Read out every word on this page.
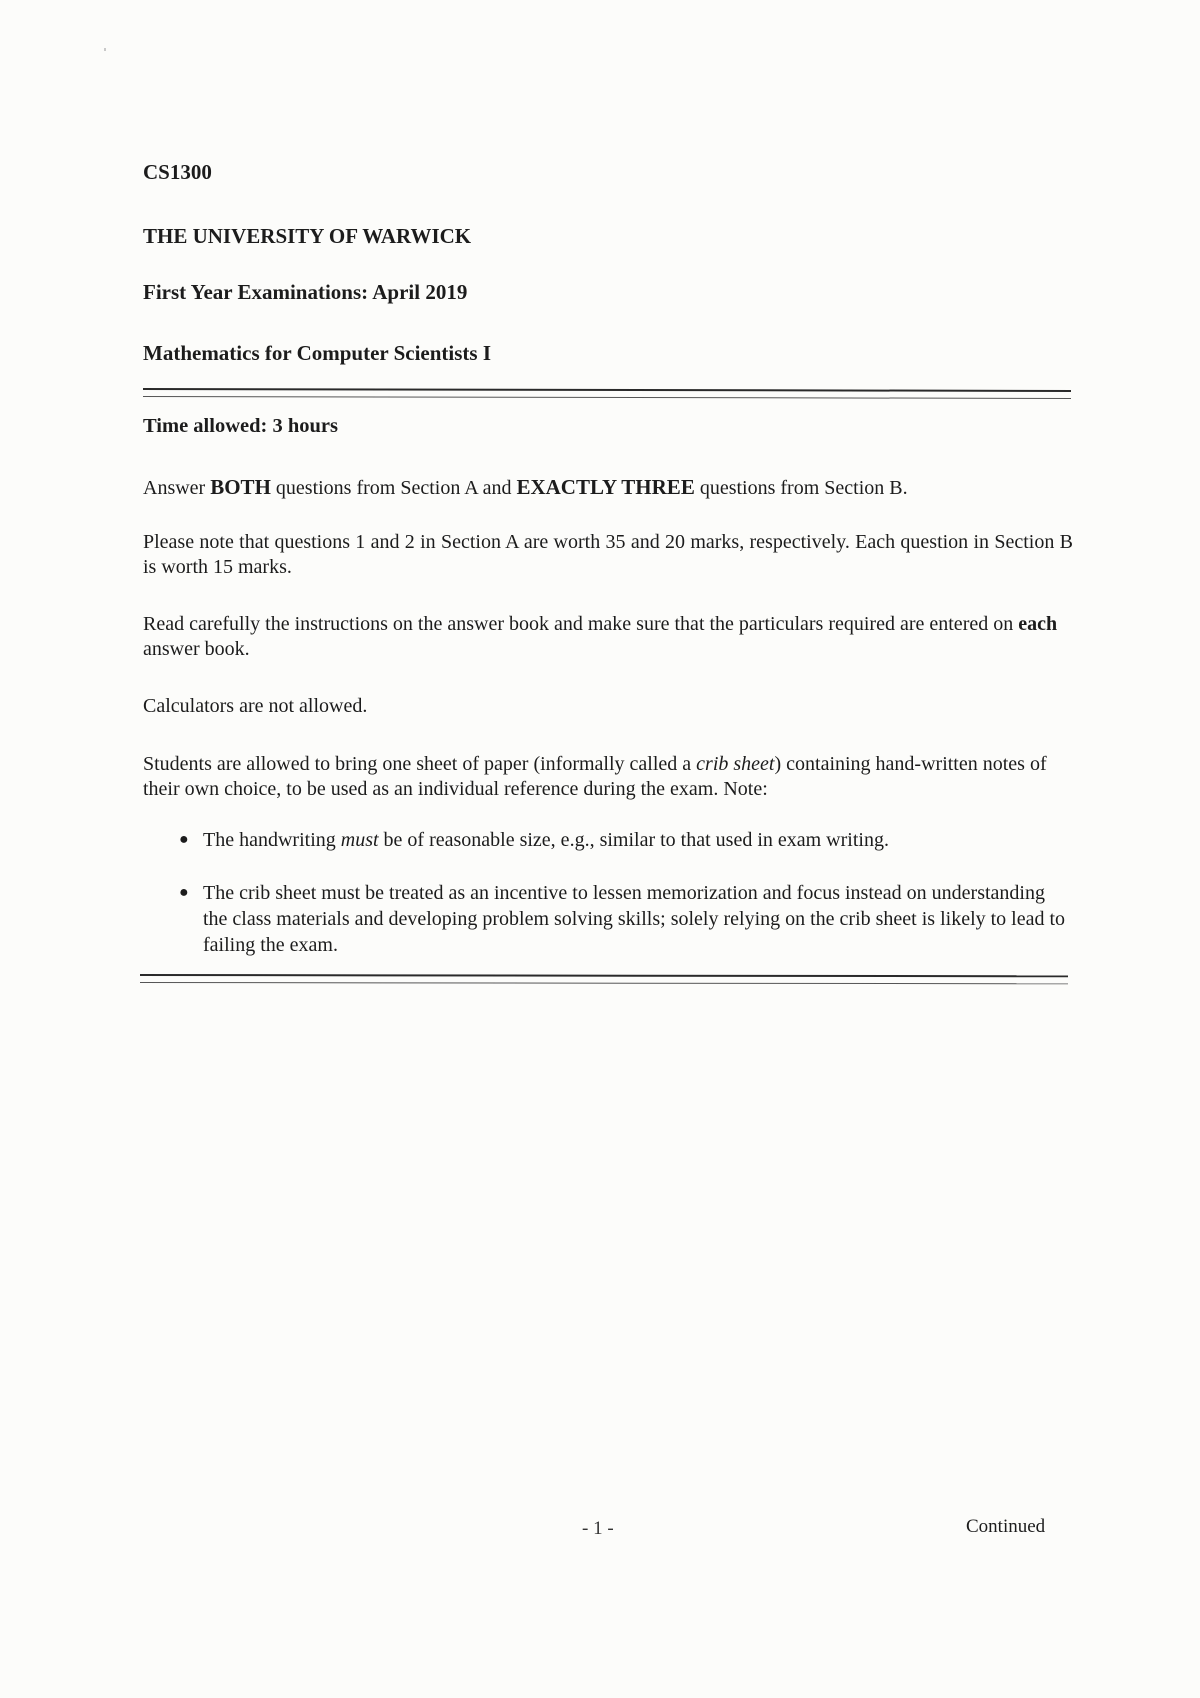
CS1300
THE UNIVERSITY OF WARWICK
First Year Examinations: April 2019
Mathematics for Computer Scientists I
Time allowed: 3 hours
Answer BOTH questions from Section A and EXACTLY THREE questions from Section B.
Please note that questions 1 and 2 in Section A are worth 35 and 20 marks, respectively. Each question in Section B is worth 15 marks.
Read carefully the instructions on the answer book and make sure that the particulars required are entered on each answer book.
Calculators are not allowed.
Students are allowed to bring one sheet of paper (informally called a crib sheet) containing hand-written notes of their own choice, to be used as an individual reference during the exam. Note:
● The handwriting must be of reasonable size, e.g., similar to that used in exam writing.
● The crib sheet must be treated as an incentive to lessen memorization and focus instead on understanding the class materials and developing problem solving skills; solely relying on the crib sheet is likely to lead to failing the exam.
- 1 -	Continued
